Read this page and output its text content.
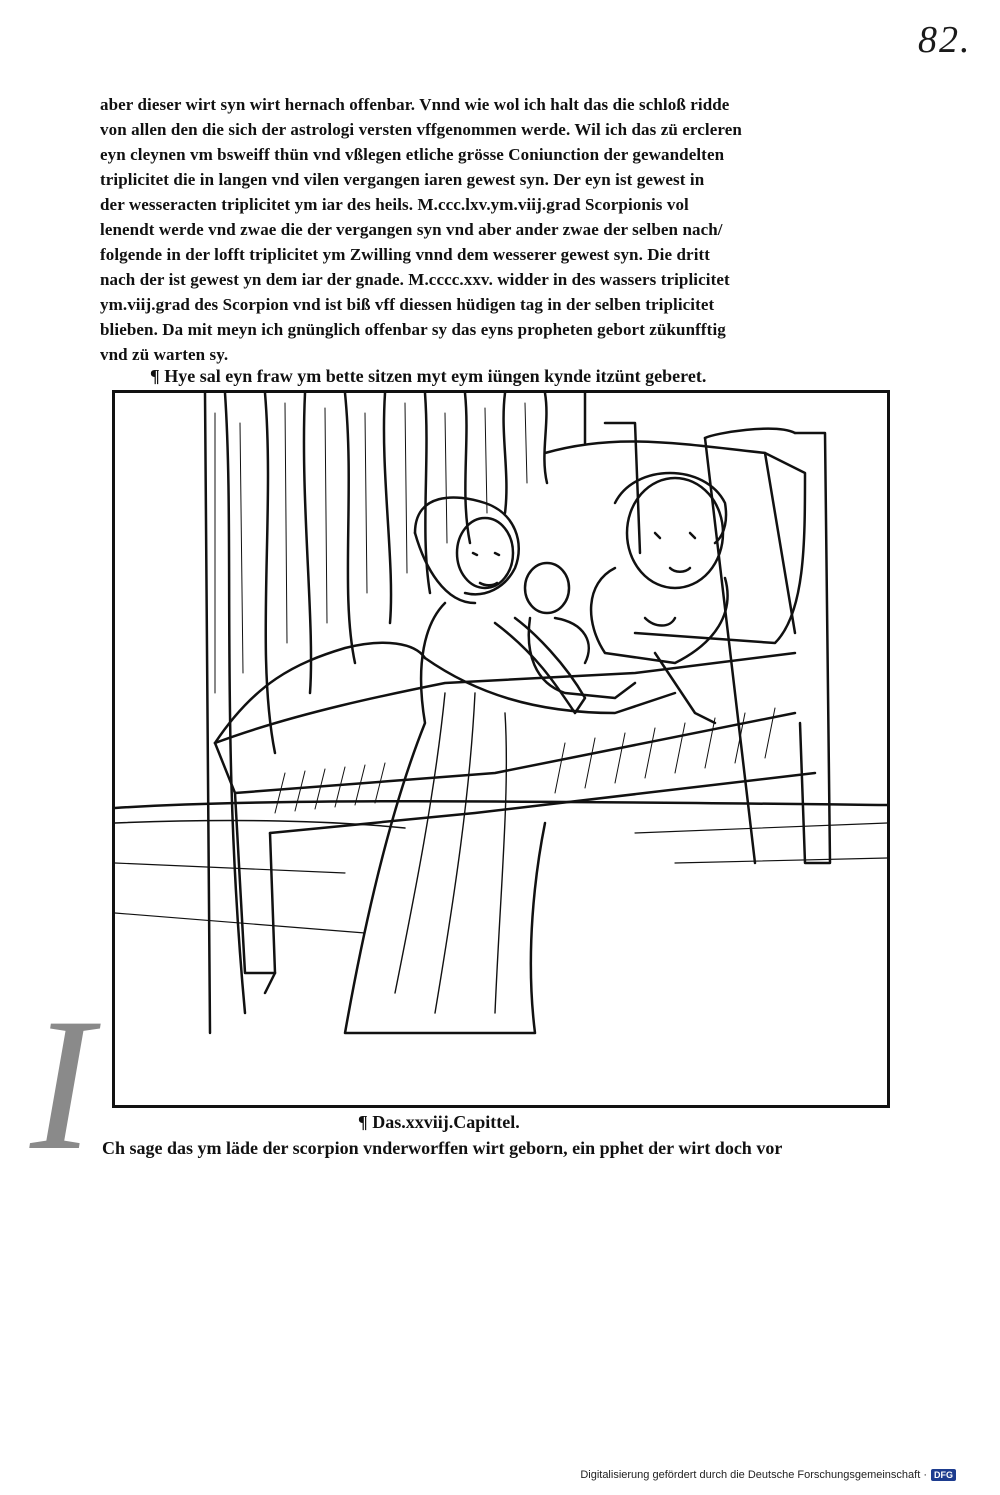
82.
aber dieser wirt syn wirt hernach offenbar. Vnnd wie wol ich halt das die schloß ridde
von allen den die sich der astrologi versten vffgenommen werde. Wil ich das zü ercleren
eyn cleynen vm bsweiff thün vnd vßlegen etliche grösse Coniunction der gewandelten
triplicitet die in langen vnd vilen vergangen iaren gewest syn. Der eyn ist gewest in
der wesseracten triplicitet ym iar des heils. M.ccc.lxv.ym.viij.grad Scorpionis vol
lenendt werde vnd zwae die der vergangen syn vnd aber ander zwae der selben nach/
folgende in der lofft triplicitet ym Zwilling vnnd dem wesserer gewest syn. Die dritt
nach der ist gewest yn dem iar der gnade. M.cccc.xxv. widder in des wassers triplicitet
ym.viij.grad des Scorpion vnd ist biß vff diessen hüdigen tag in der selben triplicitet
blieben. Da mit meyn ich gnünglich offenbar sy das eyns propheten gebort zükunfftig
vnd zü warten sy.
¶ Hye sal eyn fraw ym bette sitzen myt eym iüngen kynde itzünt geberet.
I	¶ Das.xxviij.Capittel.
Ch sage das ym läde der scorpion vnderworffen wirt geborn, ein pphet der wirt doch vor
Digitalisierung gefördert durch die Deutsche Forschungsgemeinschaft · DFG
